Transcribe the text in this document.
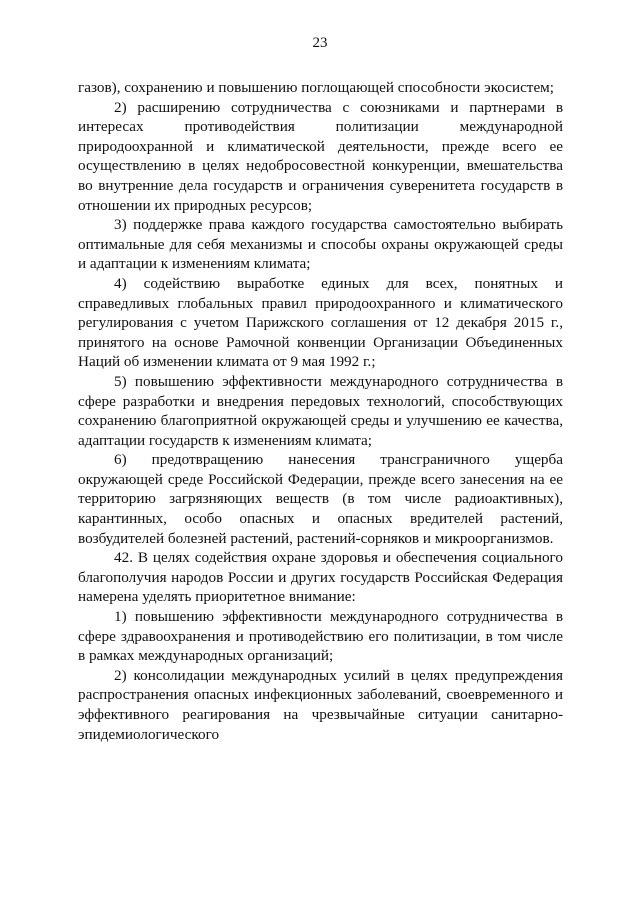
23

газов), сохранению и повышению поглощающей способности экосистем;

2) расширению сотрудничества с союзниками и партнерами в интересах противодействия политизации международной природоохранной и климатической деятельности, прежде всего ее осуществлению в целях недобросовестной конкуренции, вмешательства во внутренние дела государств и ограничения суверенитета государств в отношении их природных ресурсов;

3) поддержке права каждого государства самостоятельно выбирать оптимальные для себя механизмы и способы охраны окружающей среды и адаптации к изменениям климата;

4) содействию выработке единых для всех, понятных и справедливых глобальных правил природоохранного и климатического регулирования с учетом Парижского соглашения от 12 декабря 2015 г., принятого на основе Рамочной конвенции Организации Объединенных Наций об изменении климата от 9 мая 1992 г.;

5) повышению эффективности международного сотрудничества в сфере разработки и внедрения передовых технологий, способствующих сохранению благоприятной окружающей среды и улучшению ее качества, адаптации государств к изменениям климата;

6) предотвращению нанесения трансграничного ущерба окружающей среде Российской Федерации, прежде всего занесения на ее территорию загрязняющих веществ (в том числе радиоактивных), карантинных, особо опасных и опасных вредителей растений, возбудителей болезней растений, растений-сорняков и микроорганизмов.

42. В целях содействия охране здоровья и обеспечения социального благополучия народов России и других государств Российская Федерация намерена уделять приоритетное внимание:

1) повышению эффективности международного сотрудничества в сфере здравоохранения и противодействию его политизации, в том числе в рамках международных организаций;

2) консолидации международных усилий в целях предупреждения распространения опасных инфекционных заболеваний, своевременного и эффективного реагирования на чрезвычайные ситуации санитарно-эпидемиологического
